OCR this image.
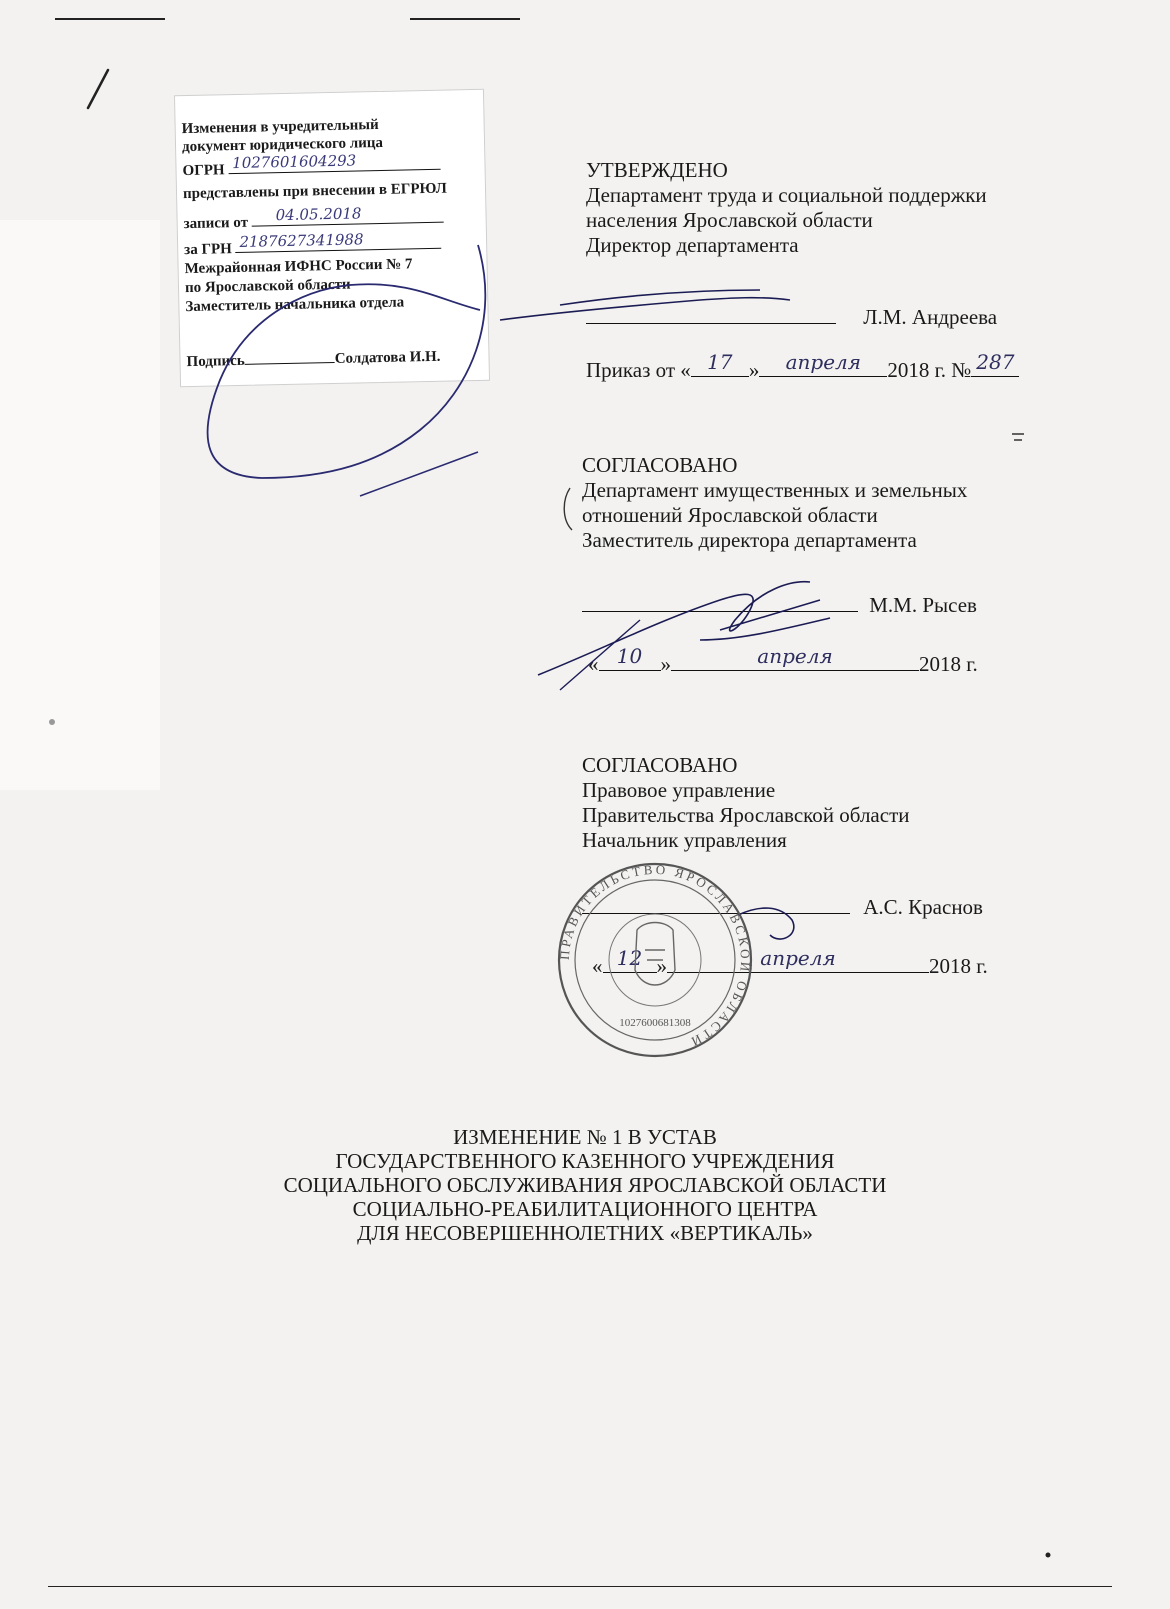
Изменения в учредительный
документ юридического лица
ОГРН 1027601604293
представлены при внесении в ЕГРЮЛ
записи от 04.05.2018
за ГРН 2187627341988
Межрайонная ИФНС России № 7
по Ярославской области
Заместитель начальника отдела
Подпись	Солдатова И.Н.
УТВЕРЖДЕНО
Департамент труда и социальной поддержки
населения Ярославской области
Директор департамента
Л.М. Андреева
Приказ от « 17 »	апреля	2018 г. № 287
СОГЛАСОВАНО
Департамент имущественных и земельных
отношений Ярославской области
Заместитель директора департамента
М.М. Рысев
« 10 »	апреля	2018 г.
СОГЛАСОВАНО
Правовое управление
Правительства Ярославской области
Начальник управления
А.С. Краснов
« 12 »	апреля	2018 г.
ИЗМЕНЕНИЕ № 1 В УСТАВ
ГОСУДАРСТВЕННОГО КАЗЕННОГО УЧРЕЖДЕНИЯ
СОЦИАЛЬНОГО ОБСЛУЖИВАНИЯ ЯРОСЛАВСКОЙ ОБЛАСТИ
СОЦИАЛЬНО-РЕАБИЛИТАЦИОННОГО ЦЕНТРА
ДЛЯ НЕСОВЕРШЕННОЛЕТНИХ «ВЕРТИКАЛЬ»
ПРАВИТЕЛЬСТВО ЯРОСЛАВСКОЙ ОБЛАСТИ
1027600681308
